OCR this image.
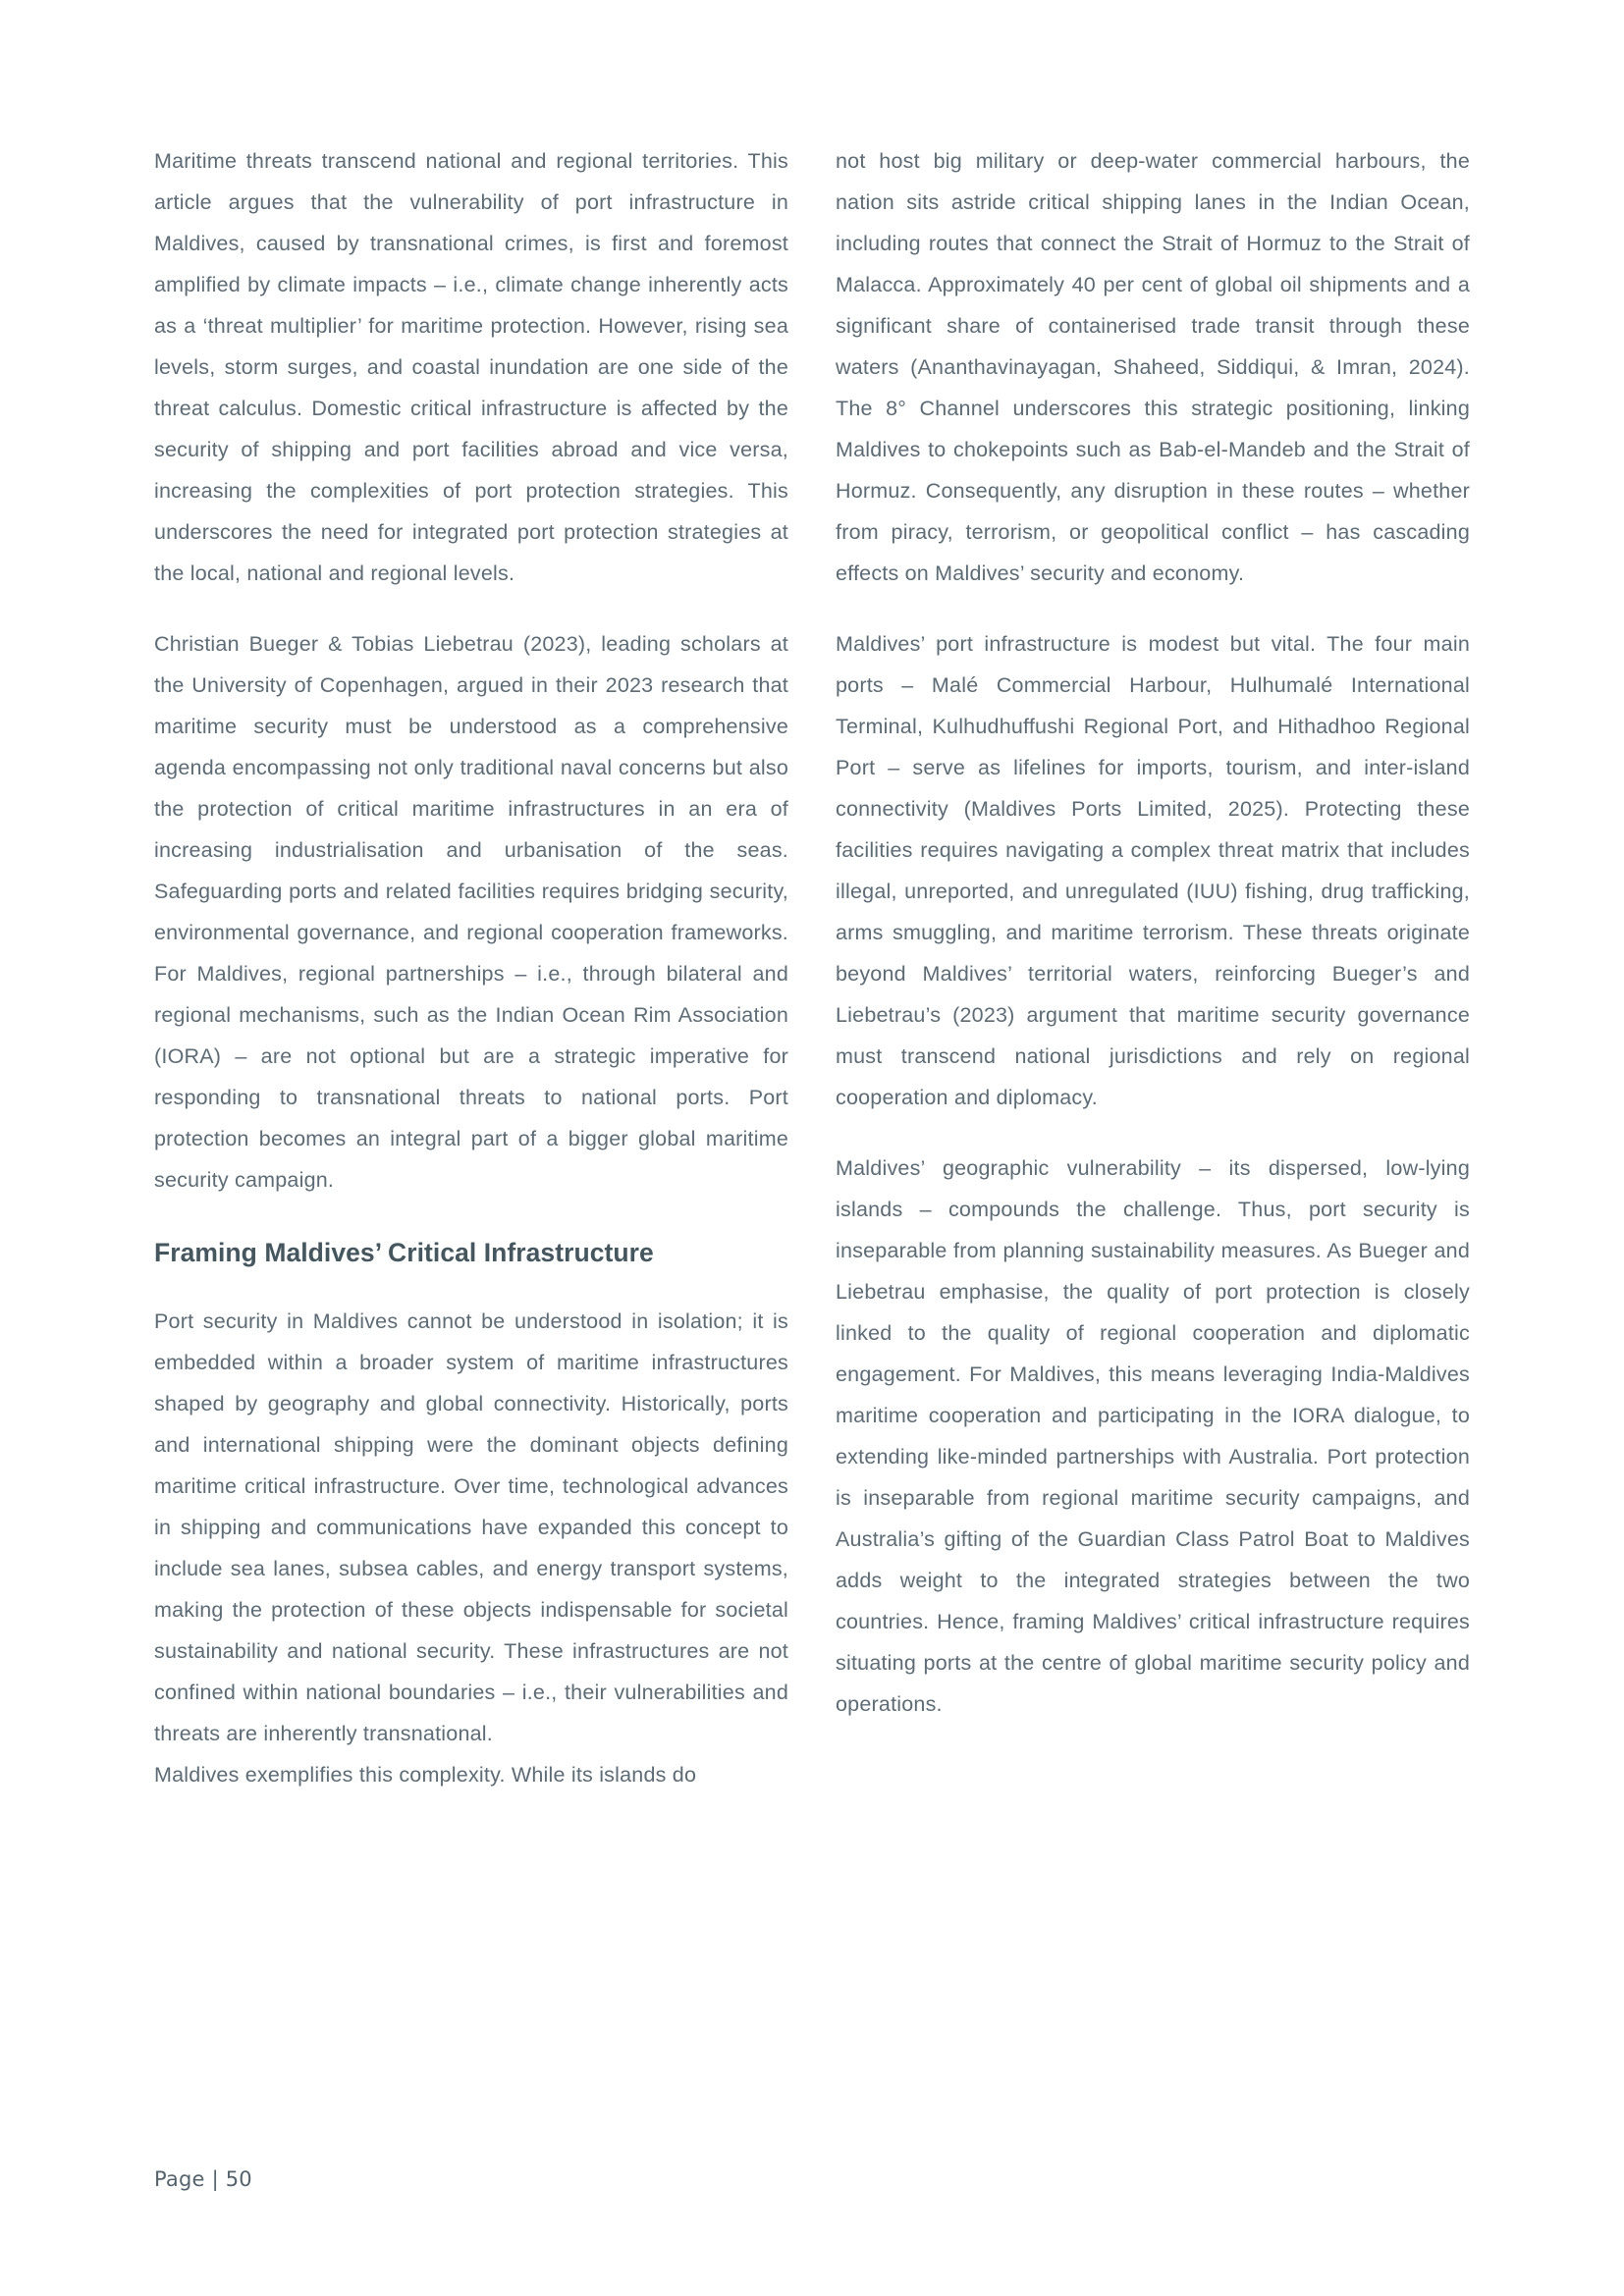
Maritime threats transcend national and regional territories. This article argues that the vulnerability of port infrastructure in Maldives, caused by transnational crimes, is first and foremost amplified by climate impacts – i.e., climate change inherently acts as a ‘threat multiplier’ for maritime protection. However, rising sea levels, storm surges, and coastal inundation are one side of the threat calculus. Domestic critical infrastructure is affected by the security of shipping and port facilities abroad and vice versa, increasing the complexities of port protection strategies. This underscores the need for integrated port protection strategies at the local, national and regional levels.

Christian Bueger & Tobias Liebetrau (2023), leading scholars at the University of Copenhagen, argued in their 2023 research that maritime security must be understood as a comprehensive agenda encompassing not only traditional naval concerns but also the protection of critical maritime infrastructures in an era of increasing industrialisation and urbanisation of the seas. Safeguarding ports and related facilities requires bridging security, environmental governance, and regional cooperation frameworks. For Maldives, regional partnerships – i.e., through bilateral and regional mechanisms, such as the Indian Ocean Rim Association (IORA) – are not optional but are a strategic imperative for responding to transnational threats to national ports. Port protection becomes an integral part of a bigger global maritime security campaign.

Framing Maldives’ Critical Infrastructure

Port security in Maldives cannot be understood in isolation; it is embedded within a broader system of maritime infrastructures shaped by geography and global connectivity. Historically, ports and international shipping were the dominant objects defining maritime critical infrastructure. Over time, technological advances in shipping and communications have expanded this concept to include sea lanes, subsea cables, and energy transport systems, making the protection of these objects indispensable for societal sustainability and national security. These infrastructures are not confined within national boundaries – i.e., their vulnerabilities and threats are inherently transnational.

Maldives exemplifies this complexity. While its islands do

not host big military or deep-water commercial harbours, the nation sits astride critical shipping lanes in the Indian Ocean, including routes that connect the Strait of Hormuz to the Strait of Malacca. Approximately 40 per cent of global oil shipments and a significant share of containerised trade transit through these waters (Ananthavinayagan, Shaheed, Siddiqui, & Imran, 2024). The 8° Channel underscores this strategic positioning, linking Maldives to chokepoints such as Bab-el-Mandeb and the Strait of Hormuz. Consequently, any disruption in these routes – whether from piracy, terrorism, or geopolitical conflict – has cascading effects on Maldives’ security and economy.

Maldives’ port infrastructure is modest but vital. The four main ports – Malé Commercial Harbour, Hulhumalé International Terminal, Kulhudhuffushi Regional Port, and Hithadhoo Regional Port – serve as lifelines for imports, tourism, and inter-island connectivity (Maldives Ports Limited, 2025). Protecting these facilities requires navigating a complex threat matrix that includes illegal, unreported, and unregulated (IUU) fishing, drug trafficking, arms smuggling, and maritime terrorism. These threats originate beyond Maldives’ territorial waters, reinforcing Bueger’s and Liebetrau’s (2023) argument that maritime security governance must transcend national jurisdictions and rely on regional cooperation and diplomacy.

Maldives’ geographic vulnerability – its dispersed, low-lying islands – compounds the challenge. Thus, port security is inseparable from planning sustainability measures. As Bueger and Liebetrau emphasise, the quality of port protection is closely linked to the quality of regional cooperation and diplomatic engagement. For Maldives, this means leveraging India-Maldives maritime cooperation and participating in the IORA dialogue, to extending like-minded partnerships with Australia. Port protection is inseparable from regional maritime security campaigns, and Australia’s gifting of the Guardian Class Patrol Boat to Maldives adds weight to the integrated strategies between the two countries. Hence, framing Maldives’ critical infrastructure requires situating ports at the centre of global maritime security policy and operations.

Page | 50
